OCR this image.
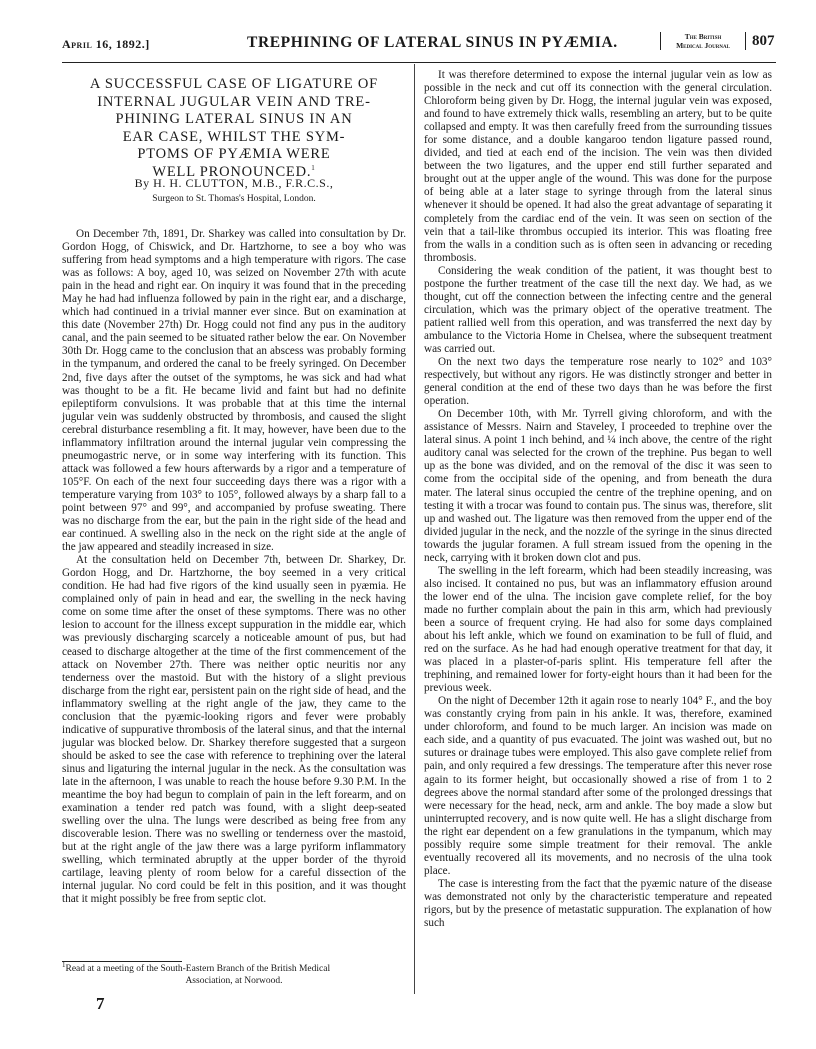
April 16, 1892.]	TREPHINING OF LATERAL SINUS IN PYÆMIA.	The British
Medical Journal	807
A SUCCESSFUL CASE OF LIGATURE OF
INTERNAL JUGULAR VEIN AND TRE-
PHINING LATERAL SINUS IN AN
EAR CASE, WHILST THE SYM-
PTOMS OF PYÆMIA WERE
WELL PRONOUNCED.$^1$
By H. H. CLUTTON, M.B., F.R.C.S.,
Surgeon to St. Thomas's Hospital, London.

On December 7th, 1891, Dr. Sharkey was called into consultation by Dr. Gordon Hogg, of Chiswick, and Dr. Hartzhorne, to see a boy who was suffering from head symptoms and a high temperature with rigors. The case was as follows: A boy, aged 10, was seized on November 27th with acute pain in the head and right ear. On inquiry it was found that in the preceding May he had had influenza followed by pain in the right ear, and a discharge, which had continued in a trivial manner ever since. But on examination at this date (November 27th) Dr. Hogg could not find any pus in the auditory canal, and the pain seemed to be situated rather below the ear. On November 30th Dr. Hogg came to the conclusion that an abscess was probably forming in the tympanum, and ordered the canal to be freely syringed. On December 2nd, five days after the outset of the symptoms, he was sick and had what was thought to be a fit. He became livid and faint but had no definite epileptiform convulsions. It was probable that at this time the internal jugular vein was suddenly obstructed by thrombosis, and caused the slight cerebral disturbance resembling a fit. It may, however, have been due to the inflammatory infiltration around the internal jugular vein compressing the pneumogastric nerve, or in some way interfering with its function. This attack was followed a few hours afterwards by a rigor and a temperature of 105°F. On each of the next four succeeding days there was a rigor with a temperature varying from 103° to 105°, followed always by a sharp fall to a point between 97° and 99°, and accompanied by profuse sweating. There was no discharge from the ear, but the pain in the right side of the head and ear continued. A swelling also in the neck on the right side at the angle of the jaw appeared and steadily increased in size.

At the consultation held on December 7th, between Dr. Sharkey, Dr. Gordon Hogg, and Dr. Hartzhorne, the boy seemed in a very critical condition. He had had five rigors of the kind usually seen in pyæmia. He complained only of pain in head and ear, the swelling in the neck having come on some time after the onset of these symptoms. There was no other lesion to account for the illness except suppuration in the middle ear, which was previously discharging scarcely a noticeable amount of pus, but had ceased to discharge altogether at the time of the first commencement of the attack on November 27th. There was neither optic neuritis nor any tenderness over the mastoid. But with the history of a slight previous discharge from the right ear, persistent pain on the right side of head, and the inflammatory swelling at the right angle of the jaw, they came to the conclusion that the pyæmic-looking rigors and fever were probably indicative of suppurative thrombosis of the lateral sinus, and that the internal jugular was blocked below. Dr. Sharkey therefore suggested that a surgeon should be asked to see the case with reference to trephining over the lateral sinus and ligaturing the internal jugular in the neck. As the consultation was late in the afternoon, I was unable to reach the house before 9.30 P.M. In the meantime the boy had begun to complain of pain in the left forearm, and on examination a tender red patch was found, with a slight deep-seated swelling over the ulna. The lungs were described as being free from any discoverable lesion. There was no swelling or tenderness over the mastoid, but at the right angle of the jaw there was a large pyriform inflammatory swelling, which terminated abruptly at the upper border of the thyroid cartilage, leaving plenty of room below for a careful dissection of the internal jugular. No cord could be felt in this position, and it was thought that it might possibly be free from septic clot.

It was therefore determined to expose the internal jugular vein as low as possible in the neck and cut off its connection with the general circulation. Chloroform being given by Dr. Hogg, the internal jugular vein was exposed, and found to have extremely thick walls, resembling an artery, but to be quite collapsed and empty. It was then carefully freed from the surrounding tissues for some distance, and a double kangaroo tendon ligature passed round, divided, and tied at each end of the incision. The vein was then divided between the two ligatures, and the upper end still further separated and brought out at the upper angle of the wound. This was done for the purpose of being able at a later stage to syringe through from the lateral sinus whenever it should be opened. It had also the great advantage of separating it completely from the cardiac end of the vein. It was seen on section of the vein that a tail-like thrombus occupied its interior. This was floating free from the walls in a condition such as is often seen in advancing or receding thrombosis.

Considering the weak condition of the patient, it was thought best to postpone the further treatment of the case till the next day. We had, as we thought, cut off the connection between the infecting centre and the general circulation, which was the primary object of the operative treatment. The patient rallied well from this operation, and was transferred the next day by ambulance to the Victoria Home in Chelsea, where the subsequent treatment was carried out.

On the next two days the temperature rose nearly to 102° and 103° respectively, but without any rigors. He was distinctly stronger and better in general condition at the end of these two days than he was before the first operation.

On December 10th, with Mr. Tyrrell giving chloroform, and with the assistance of Messrs. Nairn and Staveley, I proceeded to trephine over the lateral sinus. A point 1 inch behind, and ¼ inch above, the centre of the right auditory canal was selected for the crown of the trephine. Pus began to well up as the bone was divided, and on the removal of the disc it was seen to come from the occipital side of the opening, and from beneath the dura mater. The lateral sinus occupied the centre of the trephine opening, and on testing it with a trocar was found to contain pus. The sinus was, therefore, slit up and washed out. The ligature was then removed from the upper end of the divided jugular in the neck, and the nozzle of the syringe in the sinus directed towards the jugular foramen. A full stream issued from the opening in the neck, carrying with it broken down clot and pus.

The swelling in the left forearm, which had been steadily increasing, was also incised. It contained no pus, but was an inflammatory effusion around the lower end of the ulna. The incision gave complete relief, for the boy made no further complain about the pain in this arm, which had previously been a source of frequent crying. He had also for some days complained about his left ankle, which we found on examination to be full of fluid, and red on the surface. As he had had enough operative treatment for that day, it was placed in a plaster-of-paris splint. His temperature fell after the trephining, and remained lower for forty-eight hours than it had been for the previous week.

On the night of December 12th it again rose to nearly 104° F., and the boy was constantly crying from pain in his ankle. It was, therefore, examined under chloroform, and found to be much larger. An incision was made on each side, and a quantity of pus evacuated. The joint was washed out, but no sutures or drainage tubes were employed. This also gave complete relief from pain, and only required a few dressings. The temperature after this never rose again to its former height, but occasionally showed a rise of from 1 to 2 degrees above the normal standard after some of the prolonged dressings that were necessary for the head, neck, arm and ankle. The boy made a slow but uninterrupted recovery, and is now quite well. He has a slight discharge from the right ear dependent on a few granulations in the tympanum, which may possibly require some simple treatment for their removal. The ankle eventually recovered all its movements, and no necrosis of the ulna took place.

The case is interesting from the fact that the pyæmic nature of the disease was demonstrated not only by the characteristic temperature and repeated rigors, but by the presence of metastatic suppuration. The explanation of how such

$^1$Read at a meeting of the South-Eastern Branch of the British Medical
Association, at Norwood.
7
